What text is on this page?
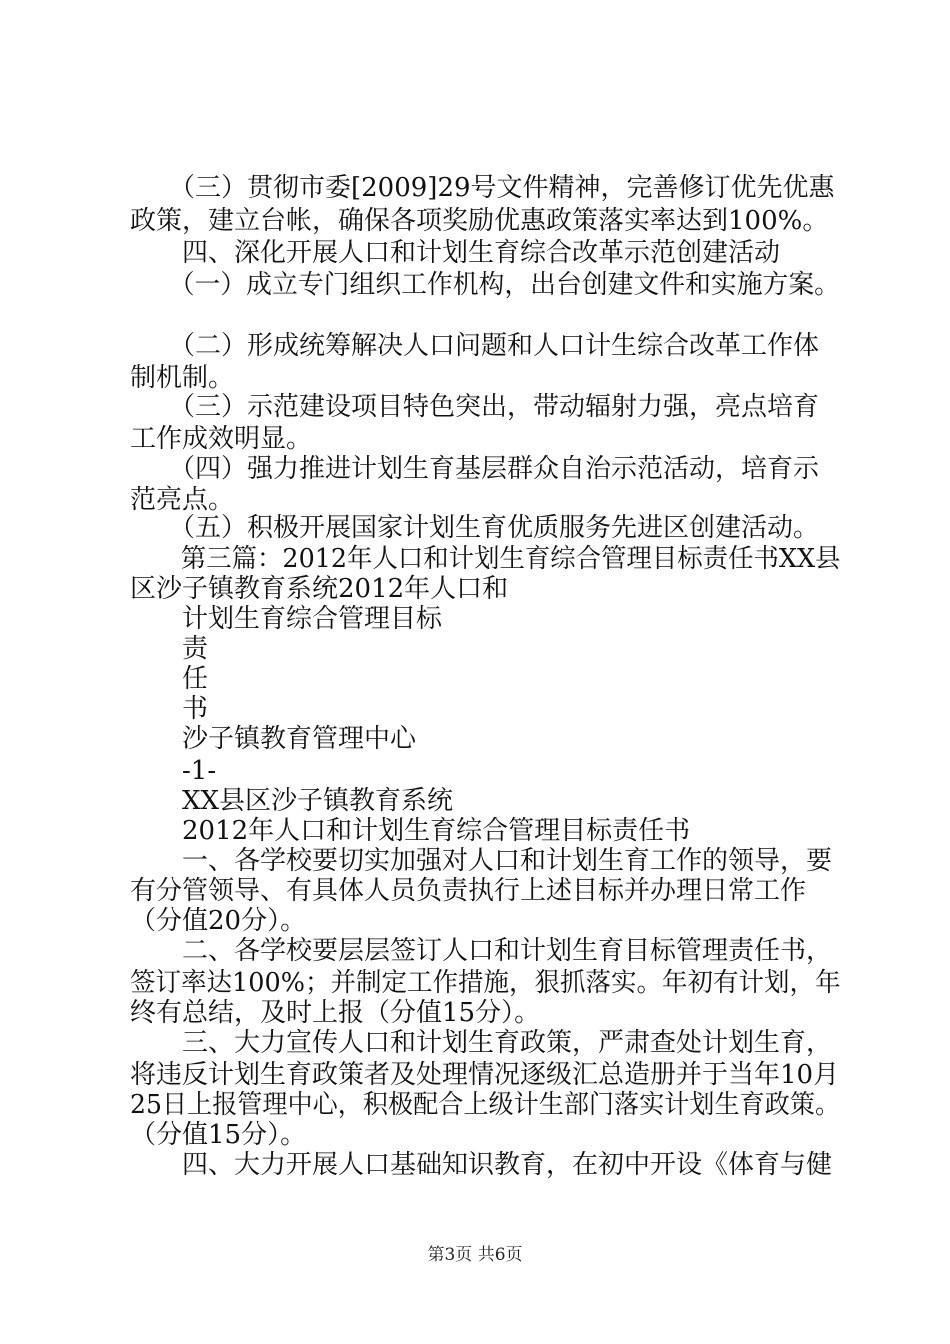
　　（三）贯彻市委[2009]29号文件精神，完善修订优先优惠

政策，建立台帐，确保各项奖励优惠政策落实率达到100%。

　　四、深化开展人口和计划生育综合改革示范创建活动

　　（一）成立专门组织工作机构，出台创建文件和实施方案。

　　（二）形成统筹解决人口问题和人口计生综合改革工作体

制机制。

　　（三）示范建设项目特色突出，带动辐射力强，亮点培育

工作成效明显。

　　（四）强力推进计划生育基层群众自治示范活动，培育示

范亮点。

　　（五）积极开展国家计划生育优质服务先进区创建活动。

　　第三篇：2012年人口和计划生育综合管理目标责任书XX县

区沙子镇教育系统2012年人口和

　　计划生育综合管理目标

　　责

　　任

　　书

　　沙子镇教育管理中心

　　-1-

　　XX县区沙子镇教育系统

　　2012年人口和计划生育综合管理目标责任书

　　一、各学校要切实加强对人口和计划生育工作的领导，要

有分管领导、有具体人员负责执行上述目标并办理日常工作

（分值20分）。

　　二、各学校要层层签订人口和计划生育目标管理责任书，

签订率达100%；并制定工作措施，狠抓落实。年初有计划，年

终有总结，及时上报（分值15分）。

　　三、大力宣传人口和计划生育政策，严肃查处计划生育，

将违反计划生育政策者及处理情况逐级汇总造册并于当年10月

25日上报管理中心，积极配合上级计生部门落实计划生育政策。

（分值15分）。

　　四、大力开展人口基础知识教育，在初中开设《体育与健

第3页 共6页
